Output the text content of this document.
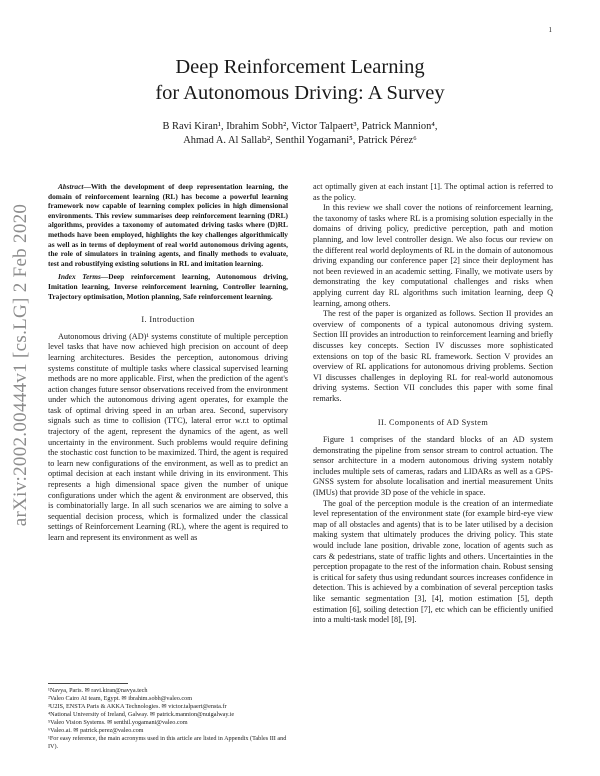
1
arXiv:2002.00444v1 [cs.LG] 2 Feb 2020
Deep Reinforcement Learning
for Autonomous Driving: A Survey
B Ravi Kiran¹, Ibrahim Sobh², Victor Talpaert³, Patrick Mannion⁴,
Ahmad A. Al Sallab², Senthil Yogamani⁵, Patrick Pérez⁶

Abstract—With the development of deep representation learning, the domain of reinforcement learning (RL) has become a powerful learning framework now capable of learning complex policies in high dimensional environments. This review summarises deep reinforcement learning (DRL) algorithms, provides a taxonomy of automated driving tasks where (D)RL methods have been employed, highlights the key challenges algorithmically as well as in terms of deployment of real world autonomous driving agents, the role of simulators in training agents, and finally methods to evaluate, test and robustifying existing solutions in RL and imitation learning.

Index Terms—Deep reinforcement learning, Autonomous driving, Imitation learning, Inverse reinforcement learning, Controller learning, Trajectory optimisation, Motion planning, Safe reinforcement learning.

I. Introduction

Autonomous driving (AD)¹ systems constitute of multiple perception level tasks that have now achieved high precision on account of deep learning architectures. Besides the perception, autonomous driving systems constitute of multiple tasks where classical supervised learning methods are no more applicable. First, when the prediction of the agent's action changes future sensor observations received from the environment under which the autonomous driving agent operates, for example the task of optimal driving speed in an urban area. Second, supervisory signals such as time to collision (TTC), lateral error w.r.t to optimal trajectory of the agent, represent the dynamics of the agent, as well uncertainty in the environment. Such problems would require defining the stochastic cost function to be maximized. Third, the agent is required to learn new configurations of the environment, as well as to predict an optimal decision at each instant while driving in its environment. This represents a high dimensional space given the number of unique configurations under which the agent & environment are observed, this is combinatorially large. In all such scenarios we are aiming to solve a sequential decision process, which is formalized under the classical settings of Reinforcement Learning (RL), where the agent is required to learn and represent its environment as well as

act optimally given at each instant [1]. The optimal action is referred to as the policy.

In this review we shall cover the notions of reinforcement learning, the taxonomy of tasks where RL is a promising solution especially in the domains of driving policy, predictive perception, path and motion planning, and low level controller design. We also focus our review on the different real world deployments of RL in the domain of autonomous driving expanding our conference paper [2] since their deployment has not been reviewed in an academic setting. Finally, we motivate users by demonstrating the key computational challenges and risks when applying current day RL algorithms such imitation learning, deep Q learning, among others.

The rest of the paper is organized as follows. Section II provides an overview of components of a typical autonomous driving system. Section III provides an introduction to reinforcement learning and briefly discusses key concepts. Section IV discusses more sophisticated extensions on top of the basic RL framework. Section V provides an overview of RL applications for autonomous driving problems. Section VI discusses challenges in deploying RL for real-world autonomous driving systems. Section VII concludes this paper with some final remarks.

II. Components of AD System

Figure 1 comprises of the standard blocks of an AD system demonstrating the pipeline from sensor stream to control actuation. The sensor architecture in a modern autonomous driving system notably includes multiple sets of cameras, radars and LIDARs as well as a GPS-GNSS system for absolute localisation and inertial measurement Units (IMUs) that provide 3D pose of the vehicle in space.

The goal of the perception module is the creation of an intermediate level representation of the environment state (for example bird-eye view map of all obstacles and agents) that is to be later utilised by a decision making system that ultimately produces the driving policy. This state would include lane position, drivable zone, location of agents such as cars & pedestrians, state of traffic lights and others. Uncertainties in the perception propagate to the rest of the information chain. Robust sensing is critical for safety thus using redundant sources increases confidence in detection. This is achieved by a combination of several perception tasks like semantic segmentation [3], [4], motion estimation [5], depth estimation [6], soiling detection [7], etc which can be efficiently unified into a multi-task model [8], [9].

¹Navya, Paris. ✉ ravi.kiran@navya.tech
²Valeo Cairo AI team, Egypt. ✉ ibrahim.sobh@valeo.com
³U2IS, ENSTA Paris & AKKA Technologies. ✉ victor.talpaert@ensta.fr
⁴National University of Ireland, Galway. ✉ patrick.mannion@nuigalway.ie
⁵Valeo Vision Systems. ✉ senthil.yogamani@valeo.com
⁶Valeo.ai. ✉ patrick.perez@valeo.com
¹For easy reference, the main acronyms used in this article are listed in Appendix (Tables III and IV).
